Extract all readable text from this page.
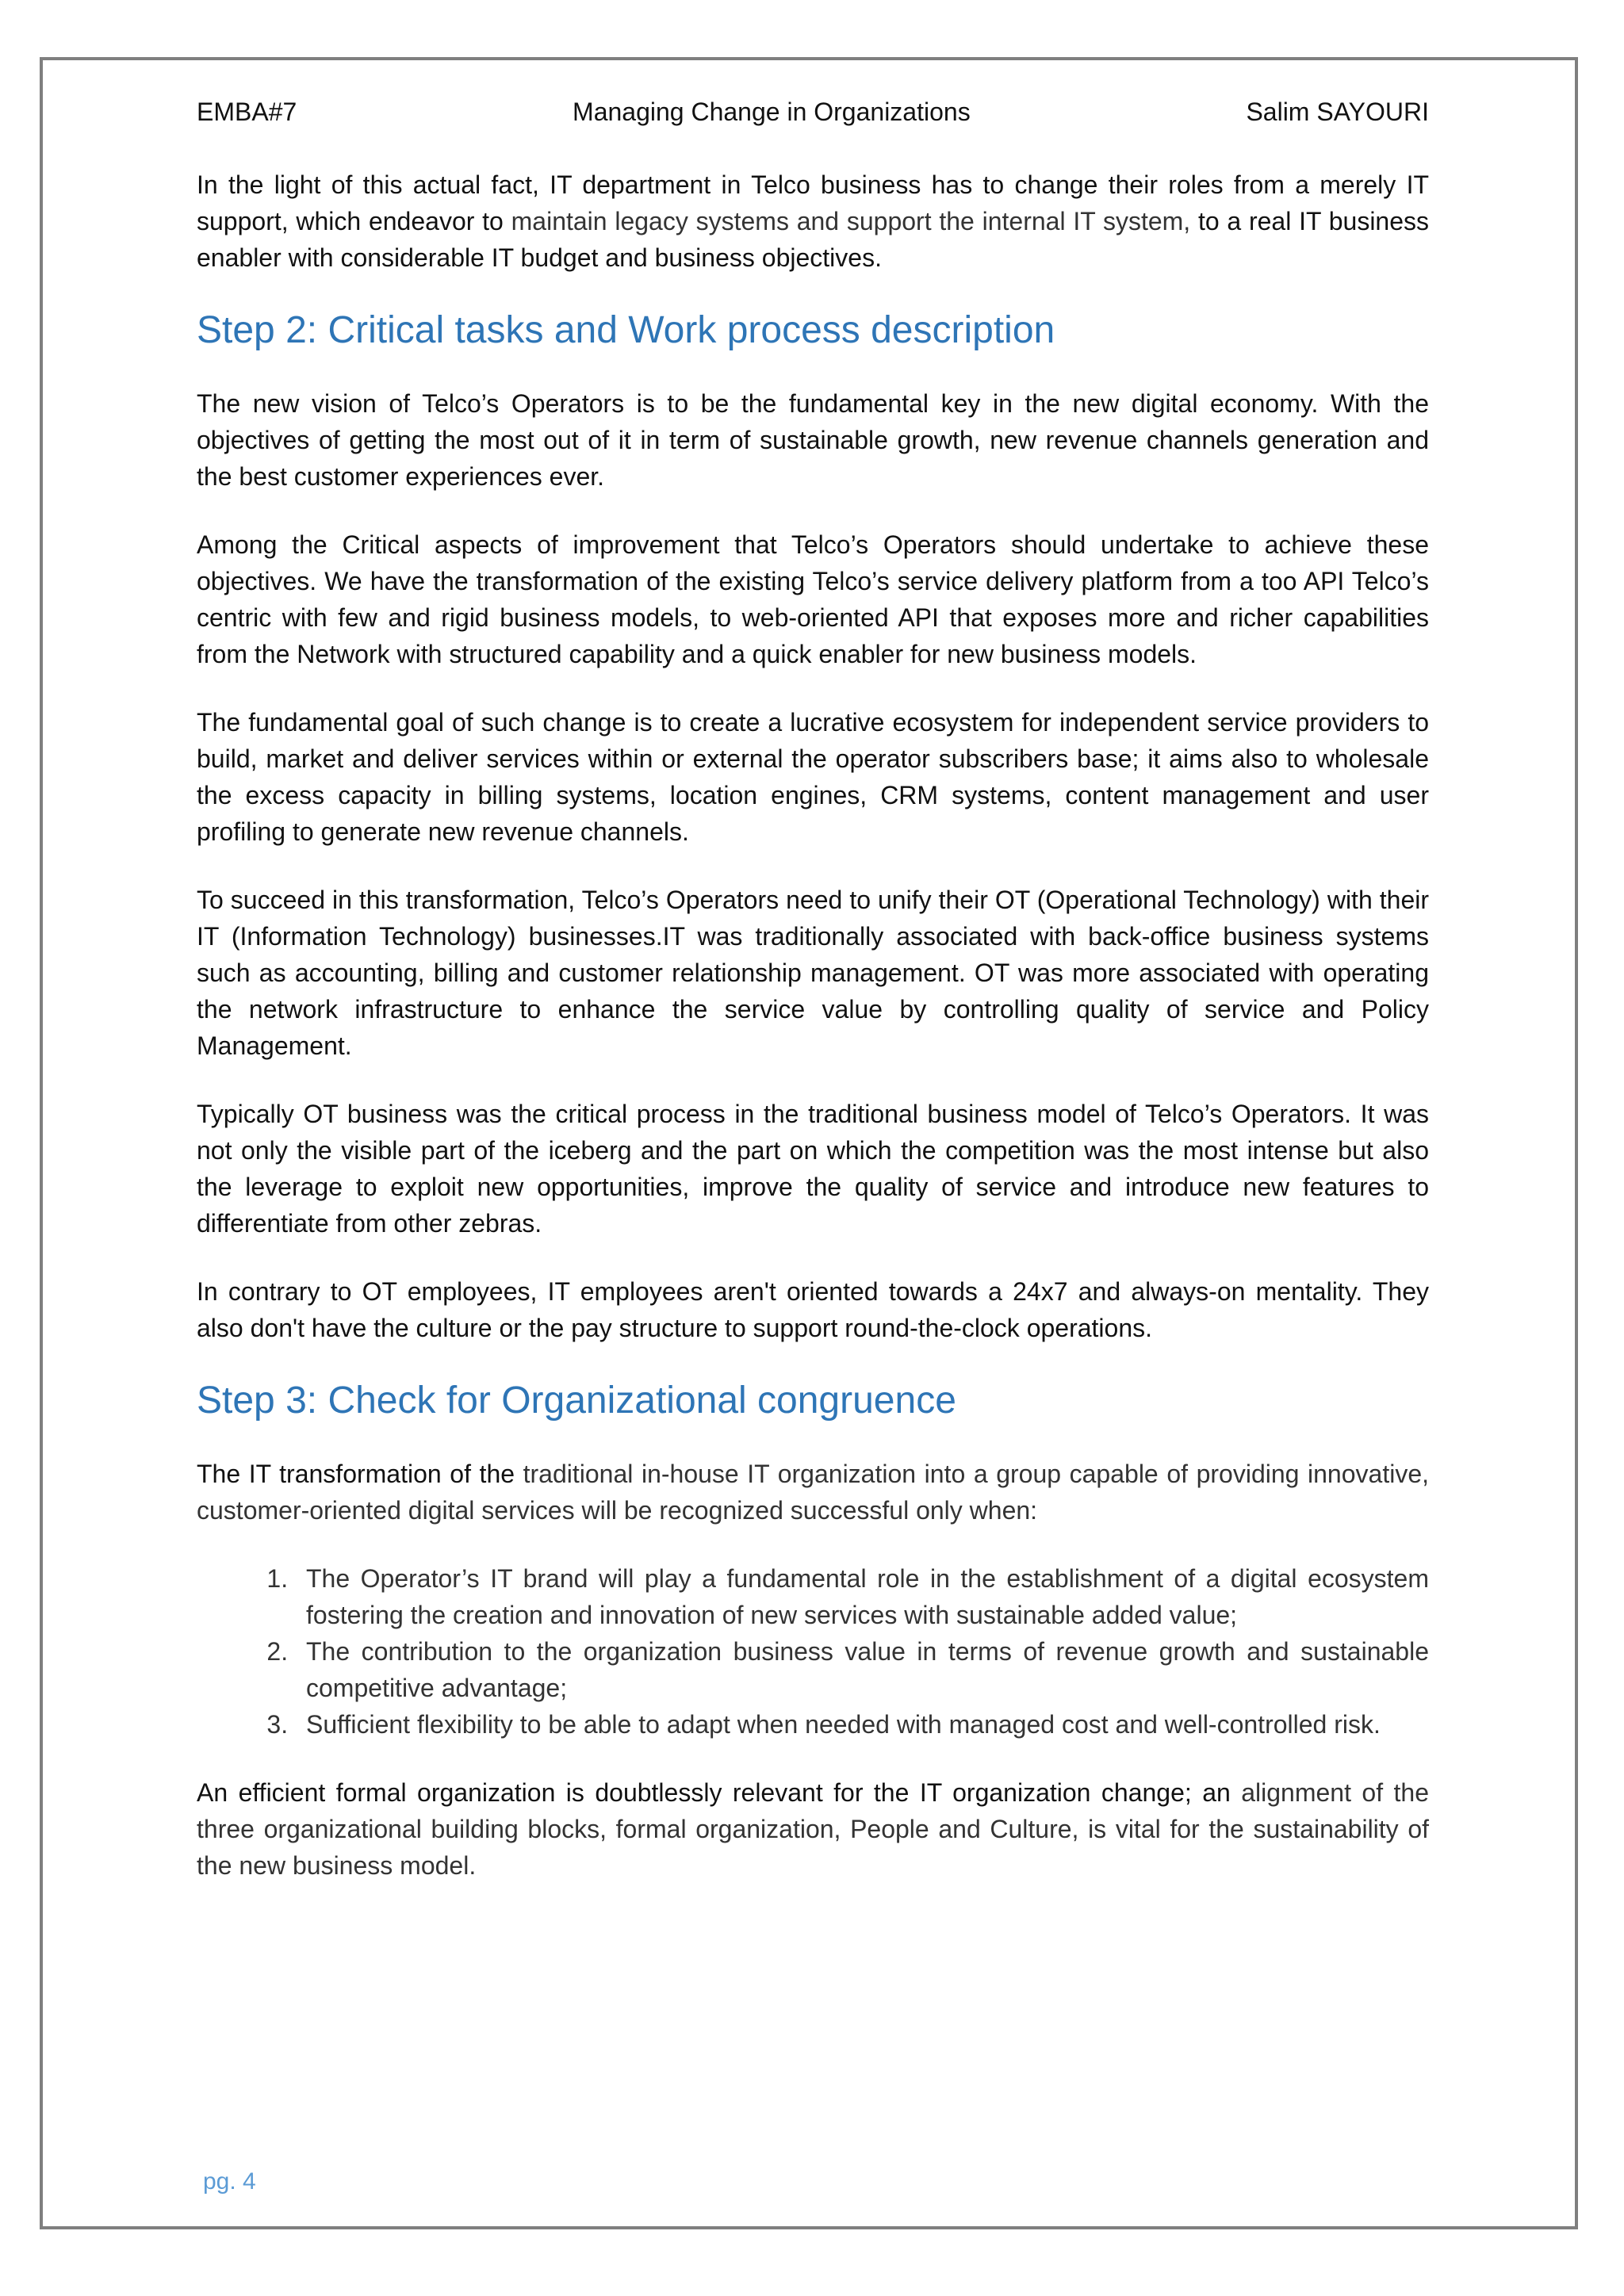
EMBA#7	Managing Change in Organizations	Salim SAYOURI

In the light of this actual fact, IT department in Telco business has to change their roles from a merely IT support, which endeavor to maintain legacy systems and support the internal IT system, to a real IT business enabler with considerable IT budget and business objectives.

Step 2: Critical tasks and Work process description

The new vision of Telco’s Operators is to be the fundamental key in the new digital economy. With the objectives of getting the most out of it in term of sustainable growth, new revenue channels generation and the best customer experiences ever.

Among the Critical aspects of improvement that Telco’s Operators should undertake to achieve these objectives. We have the transformation of the existing Telco’s service delivery platform from a too API Telco’s centric with few and rigid business models, to web-oriented API that exposes more and richer capabilities from the Network with structured capability and a quick enabler for new business models.

The fundamental goal of such change is to create a lucrative ecosystem for independent service providers to build, market and deliver services within or external the operator subscribers base; it aims also to wholesale the excess capacity in billing systems, location engines, CRM systems, content management and user profiling to generate new revenue channels.

To succeed in this transformation, Telco’s Operators need to unify their OT (Operational Technology) with their IT (Information Technology) businesses.IT was traditionally associated with back-office business systems such as accounting, billing and customer relationship management. OT was more associated with operating the network infrastructure to enhance the service value by controlling quality of service and Policy Management.

Typically OT business was the critical process in the traditional business model of Telco’s Operators. It was not only the visible part of the iceberg and the part on which the competition was the most intense but also the leverage to exploit new opportunities, improve the quality of service and introduce new features to differentiate from other zebras.

In contrary to OT employees, IT employees aren't oriented towards a 24x7 and always-on mentality. They also don't have the culture or the pay structure to support round-the-clock operations.

Step 3: Check for Organizational congruence

The IT transformation of the traditional in-house IT organization into a group capable of providing innovative, customer-oriented digital services will be recognized successful only when:

1. The Operator’s IT brand will play a fundamental role in the establishment of a digital ecosystem fostering the creation and innovation of new services with sustainable added value;
2. The contribution to the organization business value in terms of revenue growth and sustainable competitive advantage;
3. Sufficient flexibility to be able to adapt when needed with managed cost and well-controlled risk.

An efficient formal organization is doubtlessly relevant for the IT organization change; an alignment of the three organizational building blocks, formal organization, People and Culture, is vital for the sustainability of the new business model.

pg. 4
